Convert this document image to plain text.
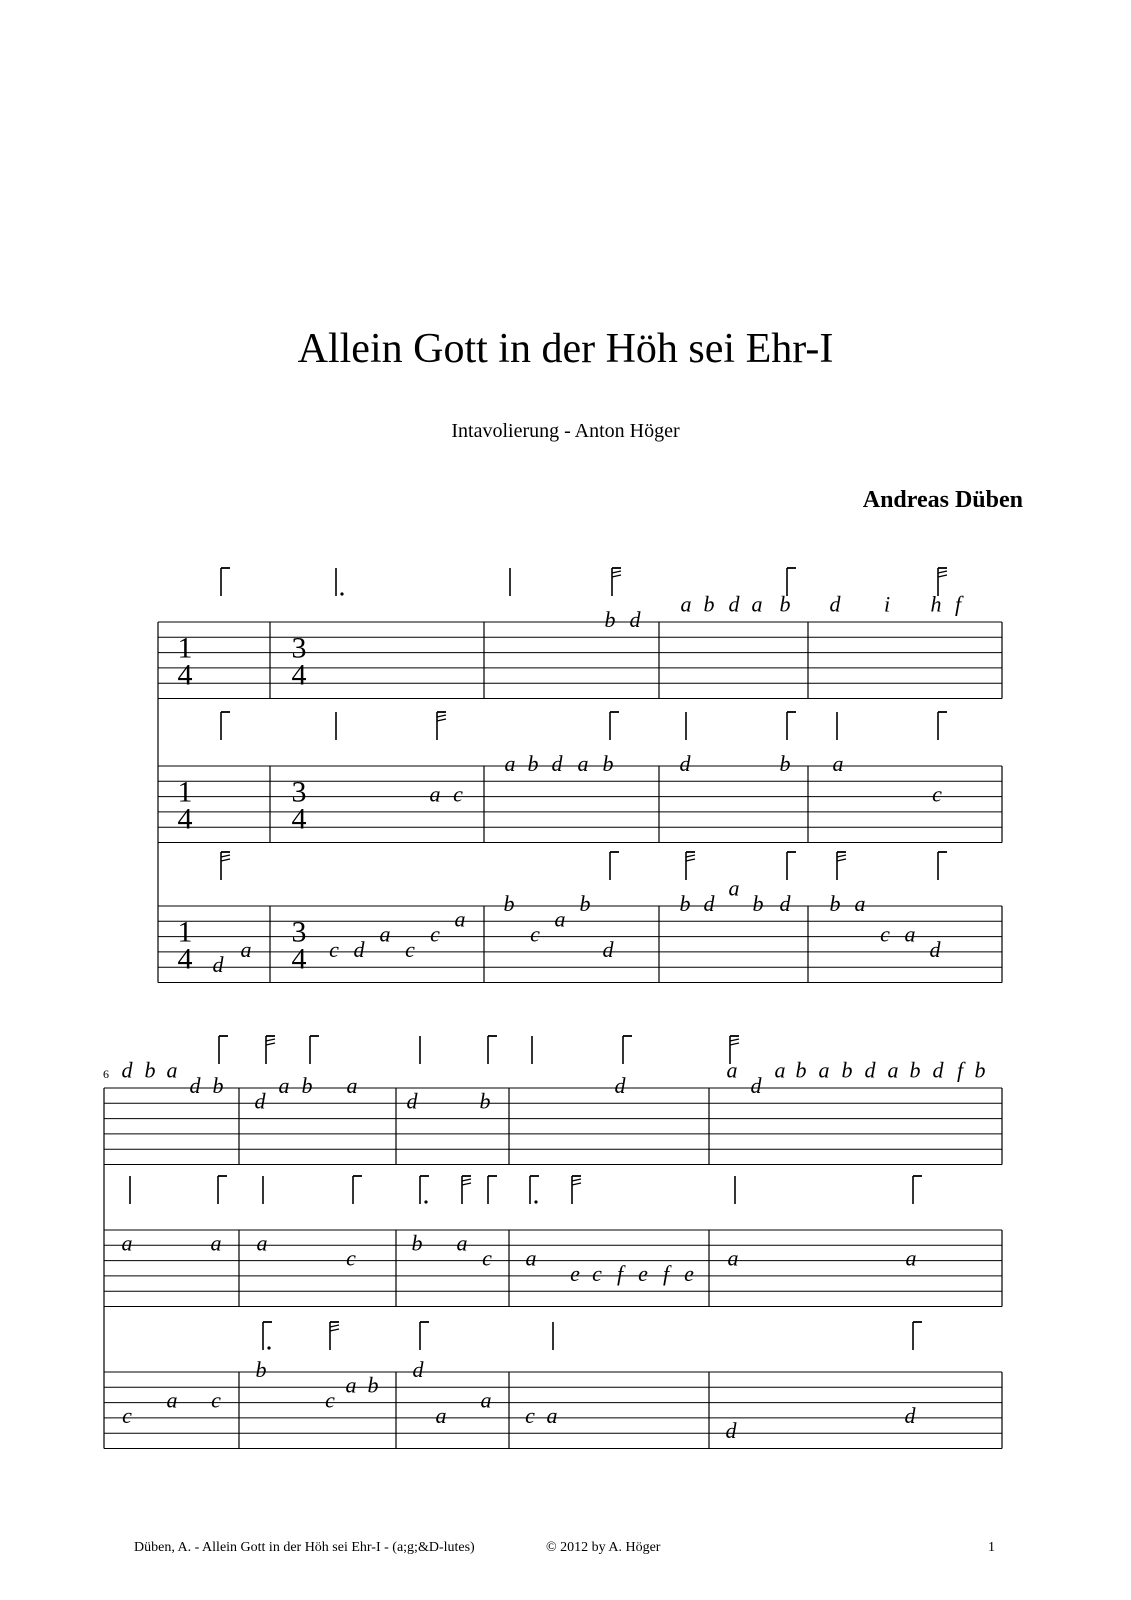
Allein Gott in der Höh sei Ehr-I
Intavolierung - Anton Höger
Andreas Düben
b d
a b d a b d i h f
a c
a b d a b	d	b a
c
d
a	c d
a
c
c
a
b
c
a
b
d
b d
a
b d b a
c a
d
d b a
d b
d
a b a
d	b
d
a
d
a b a b d a b d f b
a	a a
c
b a
c a
e c f e f e
a	a
c
a c
b
c
a b
d
a
a
c a
d
d
1
4
3
4
1
4
3
4
1
4
3
4
6
Düben, A. - Allein Gott in der Höh sei Ehr-I - (a;g;&D-lutes)	© 2012 by A. Höger	1
